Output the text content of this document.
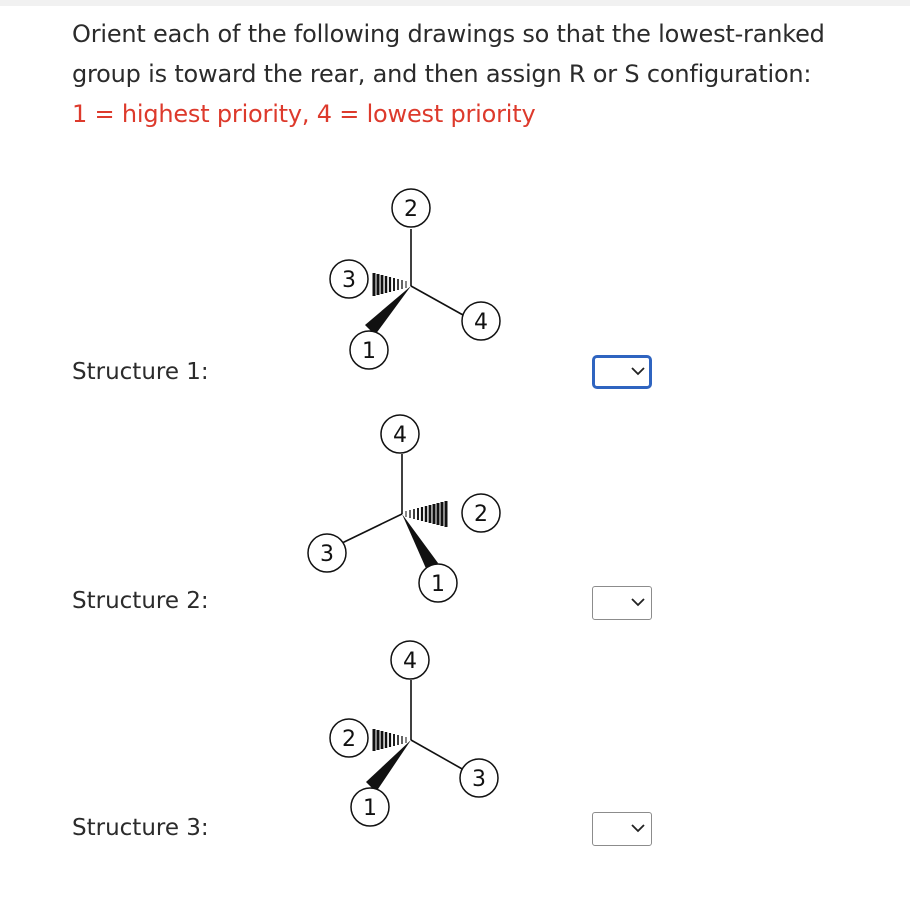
Orient each of the following drawings so that the lowest-ranked
group is toward the rear, and then assign R or S configuration:
1 = highest priority, 4 = lowest priority
2
3
4
1
Structure 1:
4
3
2
1
Structure 2:
4
2
3
1
Structure 3:
